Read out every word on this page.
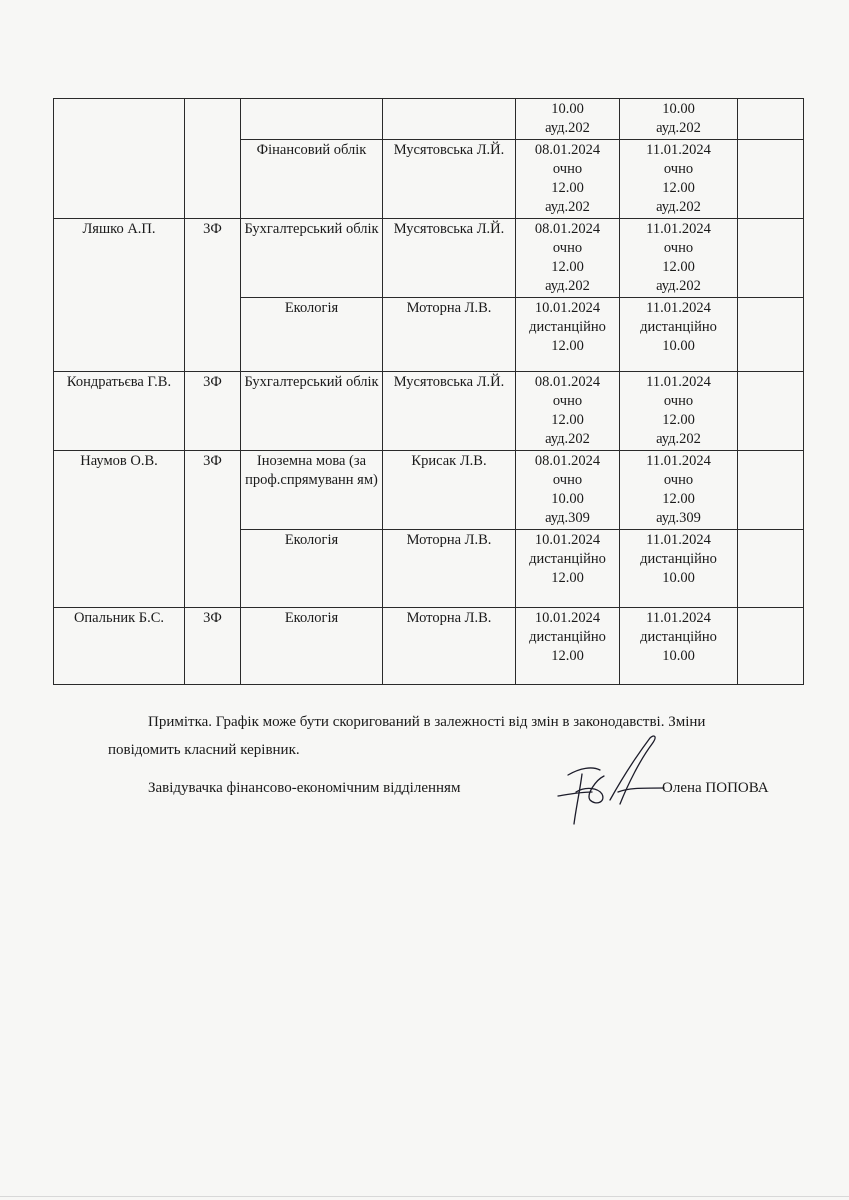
				10.00
ауд.202	10.00
ауд.202	

		Фінансовий облік	Мусятовська Л.Й.	08.01.2024
очно
12.00
ауд.202	11.01.2024
очно
12.00
ауд.202	

Ляшко А.П.	3Ф	Бухгалтерський облік	Мусятовська Л.Й.	08.01.2024
очно
12.00
ауд.202	11.01.2024
очно
12.00
ауд.202	

		Екологія	Моторна Л.В.	10.01.2024
дистанційно
12.00	11.01.2024
дистанційно
10.00	

Кондратьєва Г.В.	3Ф	Бухгалтерський облік	Мусятовська Л.Й.	08.01.2024
очно
12.00
ауд.202	11.01.2024
очно
12.00
ауд.202	

Наумов О.В.	3Ф	Іноземна мова (за проф.спрямуванн ям)	Крисак Л.В.	08.01.2024
очно
10.00
ауд.309	11.01.2024
очно
12.00
ауд.309	

		Екологія	Моторна Л.В.	10.01.2024
дистанційно
12.00	11.01.2024
дистанційно
10.00	

Опальник Б.С.	3Ф	Екологія	Моторна Л.В.	10.01.2024
дистанційно
12.00	11.01.2024
дистанційно
10.00	

Примітка. Графік може бути скоригований в залежності від змін в законодавстві. Зміни
повідомить класний керівник.
Завідувачка фінансово-економічним відділенням	Олена ПОПОВА
